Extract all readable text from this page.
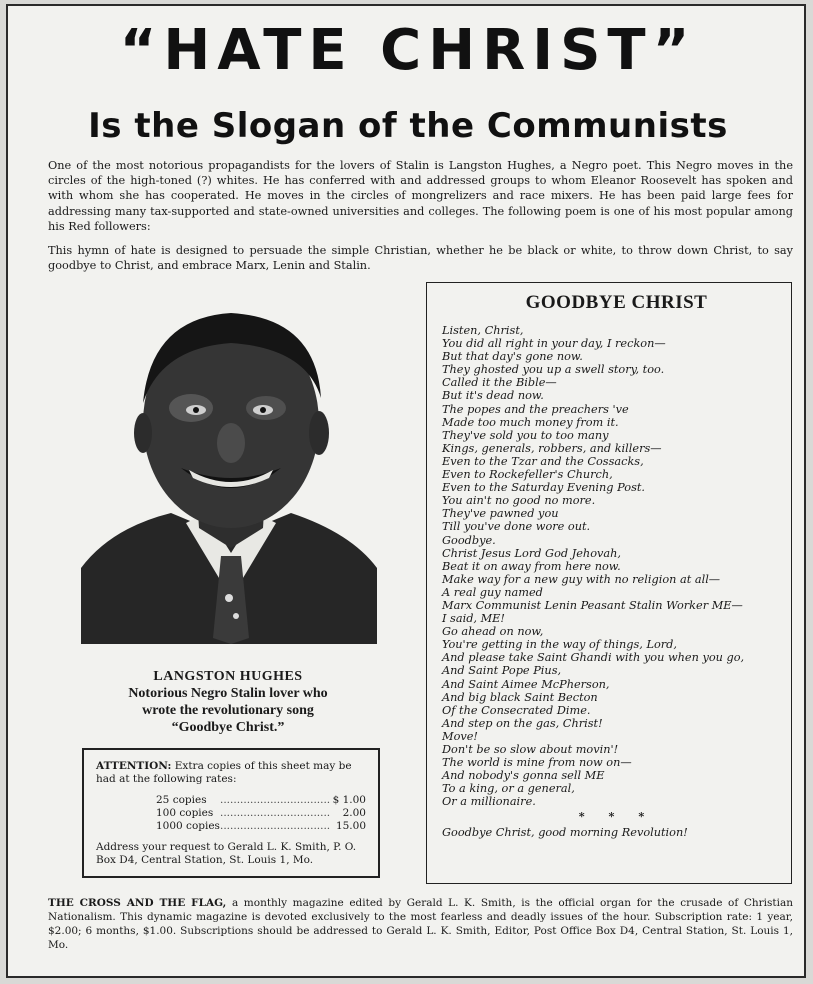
“HATE CHRIST”
Is the Slogan of the Communists

One of the most notorious propagandists for the lovers of Stalin is Langston Hughes, a Negro poet. This Negro moves in the circles of the high-toned (?) whites. He has conferred with and addressed groups to whom Eleanor Roosevelt has spoken and with whom she has cooperated. He moves in the circles of mongrelizers and race mixers. He has been paid large fees for addressing many tax-supported and state-owned universities and colleges. The following poem is one of his most popular among his Red followers:

This hymn of hate is designed to persuade the simple Christian, whether he be black or white, to throw down Christ, to say goodbye to Christ, and embrace Marx, Lenin and Stalin.

LANGSTON HUGHES
Notorious Negro Stalin lover who
wrote the revolutionary song
“Goodbye Christ.”
ATTENTION: Extra copies of this sheet may be had at the following rates:
25 copies	................................. $ 1.00
100 copies .................................	2.00
1000 copies ................................. 15.00
Address your request to Gerald L. K. Smith, P. O. Box D4, Central Station, St. Louis 1, Mo.
GOODBYE CHRIST
Listen, Christ,
You did all right in your day, I reckon—
But that day's gone now.
They ghosted you up a swell story, too.
Called it the Bible—
But it's dead now.
The popes and the preachers 've
Made too much money from it.
They've sold you to too many
Kings, generals, robbers, and killers—
Even to the Tzar and the Cossacks,
Even to Rockefeller's Church,
Even to the Saturday Evening Post.
You ain't no good no more.
They've pawned you
Till you've done wore out.
Goodbye.
Christ Jesus Lord God Jehovah,
Beat it on away from here now.
Make way for a new guy with no religion at all—
A real guy named
Marx Communist Lenin Peasant Stalin Worker ME—
I said, ME!
Go ahead on now,
You're getting in the way of things, Lord,
And please take Saint Ghandi with you when you go,
And Saint Pope Pius,
And Saint Aimee McPherson,
And big black Saint Becton
Of the Consecrated Dime.
And step on the gas, Christ!
Move!
Don't be so slow about movin'!
The world is mine from now on—
And nobody's gonna sell ME
To a king, or a general,
Or a millionaire.
* * *
Goodbye Christ, good morning Revolution!
THE CROSS AND THE FLAG, a monthly magazine edited by Gerald L. K. Smith, is the official organ for the crusade of Christian Nationalism. This dynamic magazine is devoted exclusively to the most fearless and deadly issues of the hour. Subscription rate: 1 year, $2.00; 6 months, $1.00. Subscriptions should be addressed to Gerald L. K. Smith, Editor, Post Office Box D4, Central Station, St. Louis 1, Mo.
